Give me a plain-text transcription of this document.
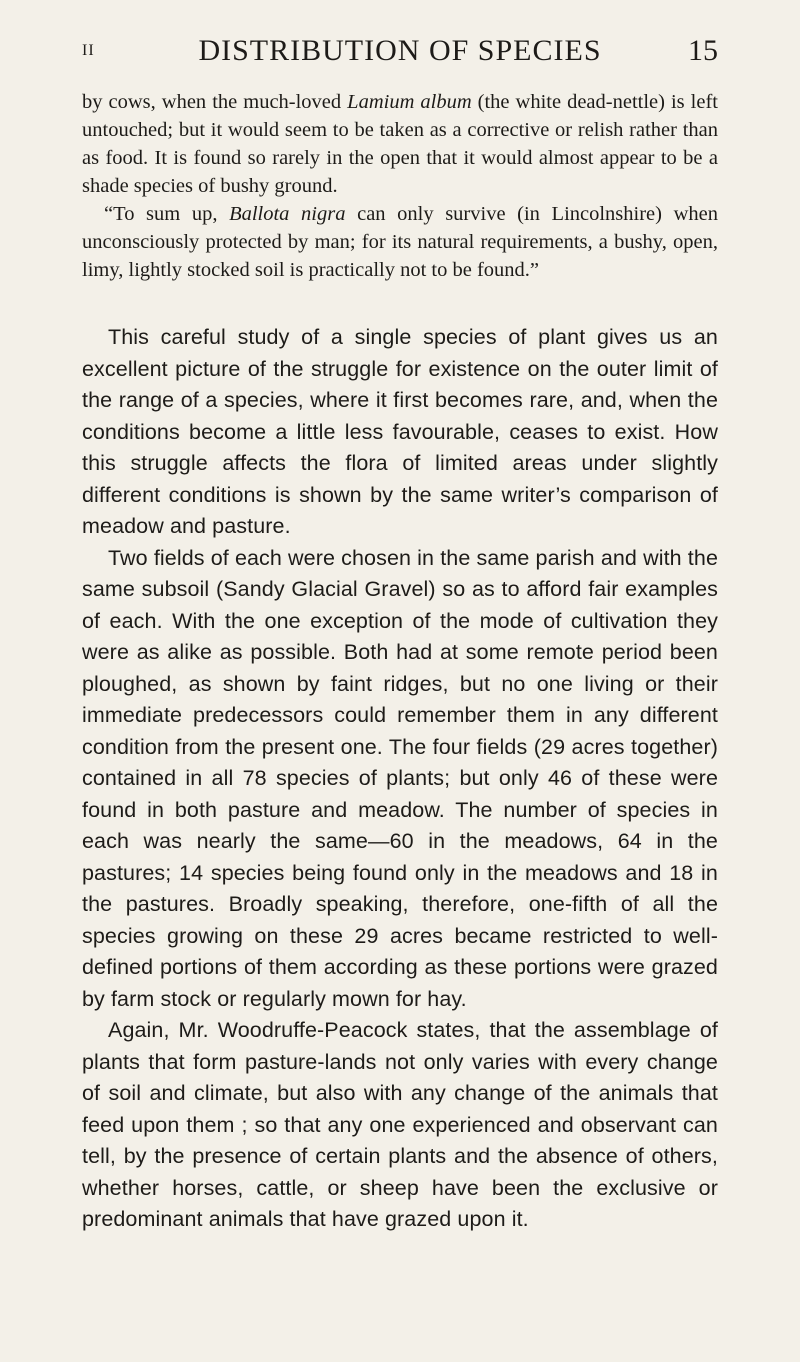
II	DISTRIBUTION OF SPECIES	15

by cows, when the much-loved Lamium album (the white dead-nettle) is left untouched; but it would seem to be taken as a corrective or relish rather than as food. It is found so rarely in the open that it would almost appear to be a shade species of bushy ground.

“To sum up, Ballota nigra can only survive (in Lincolnshire) when unconsciously protected by man; for its natural requirements, a bushy, open, limy, lightly stocked soil is practically not to be found.”

This careful study of a single species of plant gives us an excellent picture of the struggle for existence on the outer limit of the range of a species, where it first becomes rare, and, when the conditions become a little less favourable, ceases to exist. How this struggle affects the flora of limited areas under slightly different conditions is shown by the same writer’s comparison of meadow and pasture.

Two fields of each were chosen in the same parish and with the same subsoil (Sandy Glacial Gravel) so as to afford fair examples of each. With the one exception of the mode of cultivation they were as alike as possible. Both had at some remote period been ploughed, as shown by faint ridges, but no one living or their immediate predecessors could remember them in any different condition from the present one. The four fields (29 acres together) contained in all 78 species of plants; but only 46 of these were found in both pasture and meadow. The number of species in each was nearly the same—60 in the meadows, 64 in the pastures; 14 species being found only in the meadows and 18 in the pastures. Broadly speaking, therefore, one-fifth of all the species growing on these 29 acres became restricted to well-defined portions of them according as these portions were grazed by farm stock or regularly mown for hay.

Again, Mr. Woodruffe-Peacock states, that the assemblage of plants that form pasture-lands not only varies with every change of soil and climate, but also with any change of the animals that feed upon them ; so that any one experienced and observant can tell, by the presence of certain plants and the absence of others, whether horses, cattle, or sheep have been the exclusive or predominant animals that have grazed upon it.
